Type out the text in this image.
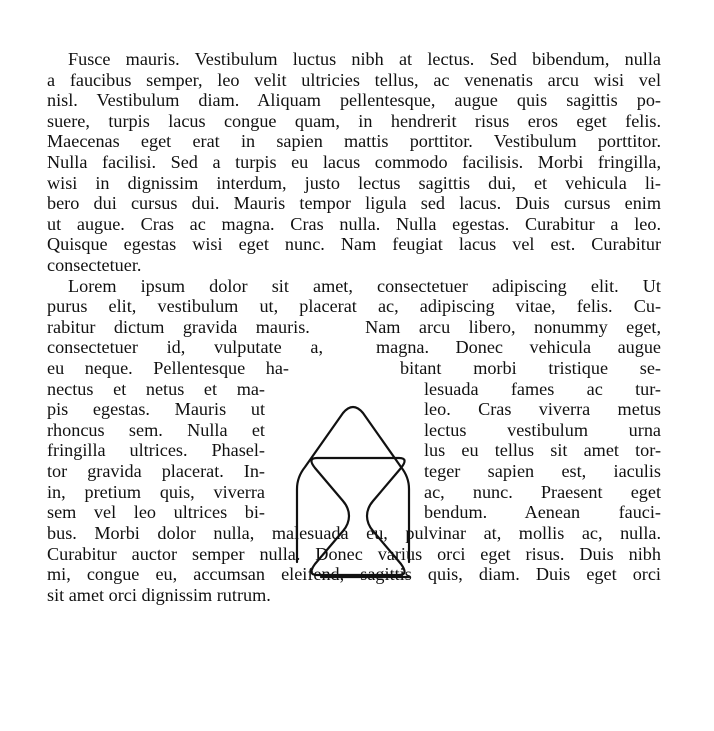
Fusce mauris. Vestibulum luctus nibh at lectus. Sed bibendum, nulla
a faucibus semper, leo velit ultricies tellus, ac venenatis arcu wisi vel
nisl. Vestibulum diam. Aliquam pellentesque, augue quis sagittis po-
suere, turpis lacus congue quam, in hendrerit risus eros eget felis.
Maecenas eget erat in sapien mattis porttitor. Vestibulum porttitor.
Nulla facilisi. Sed a turpis eu lacus commodo facilisis. Morbi fringilla,
wisi in dignissim interdum, justo lectus sagittis dui, et vehicula li-
bero dui cursus dui. Mauris tempor ligula sed lacus. Duis cursus enim
ut augue. Cras ac magna. Cras nulla. Nulla egestas. Curabitur a leo.
Quisque egestas wisi eget nunc. Nam feugiat lacus vel est. Curabitur
consectetuer.
Lorem ipsum dolor sit amet, consectetuer adipiscing elit. Ut
purus elit, vestibulum ut, placerat ac, adipiscing vitae, felis. Cu-
rabitur dictum gravida mauris.   Nam arcu libero, nonummy eget,
consectetuer id, vulputate a,
eu neque. Pellentesque ha-
nectus et netus et ma-
pis egestas. Mauris ut
rhoncus sem. Nulla et
fringilla ultrices. Phasel-
tor gravida placerat. In-
in, pretium quis, viverra
sem vel leo ultrices bi-
magna. Donec vehicula augue
bitant morbi tristique se-
lesuada fames ac tur-
leo. Cras viverra metus
lectus vestibulum urna
lus eu tellus sit amet tor-
teger sapien est, iaculis
ac, nunc. Praesent eget
bendum. Aenean fauci-
bus. Morbi dolor nulla, malesuada eu, pulvinar at, mollis ac, nulla.
Curabitur auctor semper nulla. Donec varius orci eget risus. Duis nibh
mi, congue eu, accumsan eleifend, sagittis quis, diam. Duis eget orci
sit amet orci dignissim rutrum.
